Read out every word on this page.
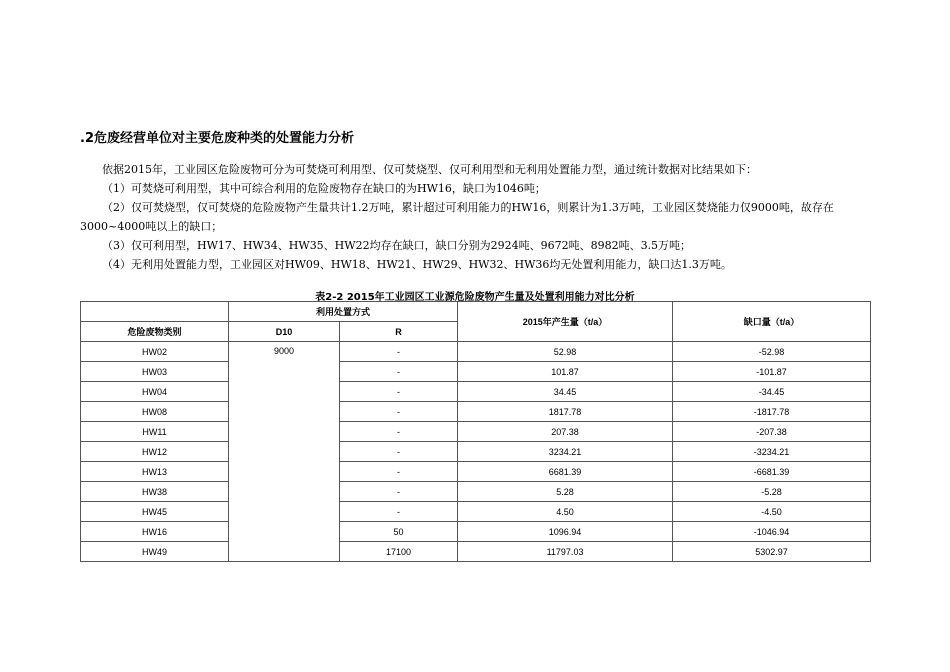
.2危废经营单位对主要危废种类的处置能力分析

依据2015年，工业园区危险废物可分为可焚烧可利用型、仅可焚烧型、仅可利用型和无利用处置能力型，通过统计数据对比结果如下：

（1）可焚烧可利用型，其中可综合利用的危险废物存在缺口的为HW16，缺口为1046吨；

（2）仅可焚烧型，仅可焚烧的危险废物产生量共计1.2万吨，累计超过可利用能力的HW16，则累计为1.3万吨，工业园区焚烧能力仅9000吨，故存在3000~4000吨以上的缺口；

（3）仅可利用型，HW17、HW34、HW35、HW22均存在缺口，缺口分别为2924吨、9672吨、8982吨、3.5万吨；

（4）无利用处置能力型，工业园区对HW09、HW18、HW21、HW29、HW32、HW36均无处置利用能力，缺口达1.3万吨。

表2-2 2015年工业园区工业源危险废物产生量及处置利用能力对比分析
	利用处置方式		2015年产生量（t/a）	缺口量（t/a）
危险废物类别	D10	R		
HW02	9000	-	52.98	-52.98
HW03		-	101.87	-101.87
HW04		-	34.45	-34.45
HW08		-	1817.78	-1817.78
HW11		-	207.38	-207.38
HW12		-	3234.21	-3234.21
HW13		-	6681.39	-6681.39
HW38		-	5.28	-5.28
HW45		-	4.50	-4.50
HW16		50	1096.94	-1046.94
HW49		17100	11797.03	5302.97
